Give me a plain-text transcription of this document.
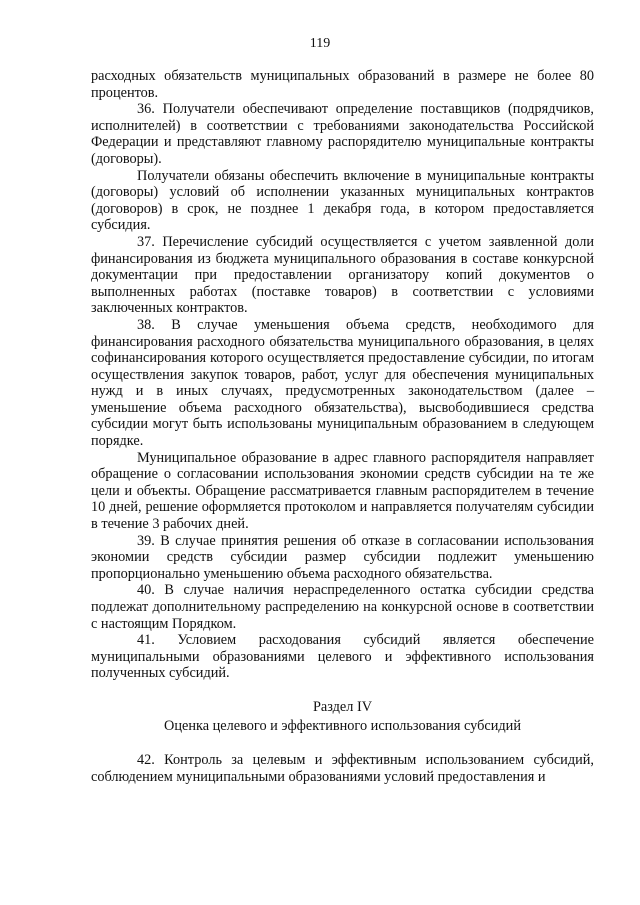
119

расходных обязательств муниципальных образований в размере не более 80 процентов.

36. Получатели обеспечивают определение поставщиков (подрядчиков, исполнителей) в соответствии с требованиями законодательства Российской Федерации и представляют главному распорядителю муниципальные контракты (договоры).

Получатели обязаны обеспечить включение в муниципальные контракты (договоры) условий об исполнении указанных муниципальных контрактов (договоров) в срок, не позднее 1 декабря года, в котором предоставляется субсидия.

37. Перечисление субсидий осуществляется с учетом заявленной доли финансирования из бюджета муниципального образования в составе конкурсной документации при предоставлении организатору копий документов о выполненных работах (поставке товаров) в соответствии с условиями заключенных контрактов.

38. В случае уменьшения объема средств, необходимого для финансирования расходного обязательства муниципального образования, в целях софинансирования которого осуществляется предоставление субсидии, по итогам осуществления закупок товаров, работ, услуг для обеспечения муниципальных нужд и в иных случаях, предусмотренных законодательством (далее – уменьшение объема расходного обязательства), высвободившиеся средства субсидии могут быть использованы муниципальным образованием в следующем порядке.

Муниципальное образование в адрес главного распорядителя направляет обращение о согласовании использования экономии средств субсидии на те же цели и объекты. Обращение рассматривается главным распорядителем в течение 10 дней, решение оформляется протоколом и направляется получателям субсидии в течение 3 рабочих дней.

39. В случае принятия решения об отказе в согласовании использования экономии средств субсидии размер субсидии подлежит уменьшению пропорционально уменьшению объема расходного обязательства.

40. В случае наличия нераспределенного остатка субсидии средства подлежат дополнительному распределению на конкурсной основе в соответствии с настоящим Порядком.

41. Условием расходования субсидий является обеспечение муниципальными образованиями целевого и эффективного использования полученных субсидий.

Раздел IV

Оценка целевого и эффективного использования субсидий

42. Контроль за целевым и эффективным использованием субсидий, соблюдением муниципальными образованиями условий предоставления и
